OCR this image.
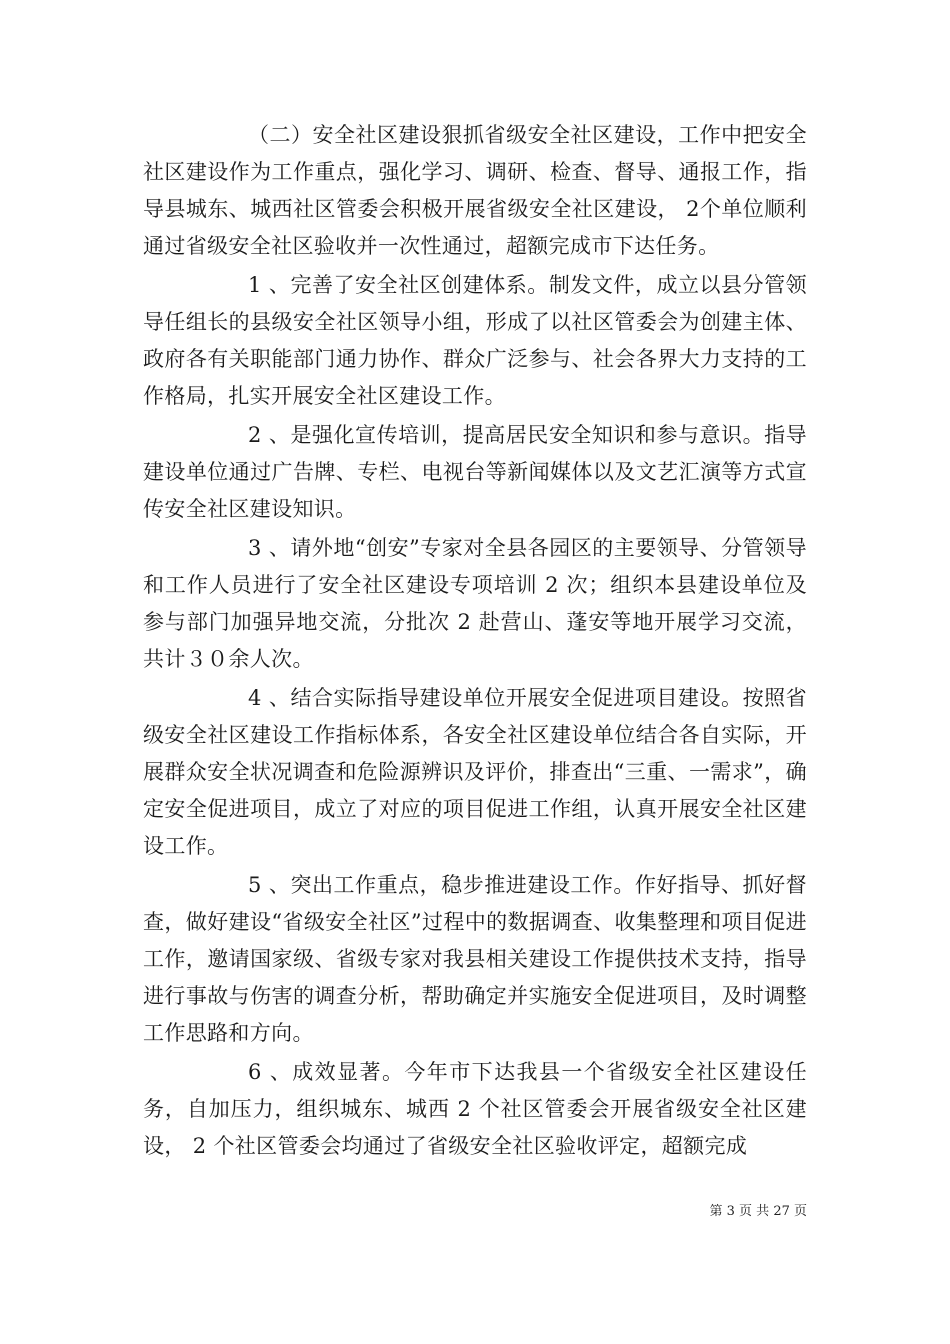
（二）安全社区建设狠抓省级安全社区建设，工作中把安全社区建设作为工作重点，强化学习、调研、检查、督导、通报工作，指导县城东、城西社区管委会积极开展省级安全社区建设， 2个单位顺利通过省级安全社区验收并一次性通过，超额完成市下达任务。

1 、完善了安全社区创建体系。制发文件，成立以县分管领导任组长的县级安全社区领导小组，形成了以社区管委会为创建主体、政府各有关职能部门通力协作、群众广泛参与、社会各界大力支持的工作格局，扎实开展安全社区建设工作。

2 、是强化宣传培训，提高居民安全知识和参与意识。指导建设单位通过广告牌、专栏、电视台等新闻媒体以及文艺汇演等方式宣传安全社区建设知识。

3 、请外地“创安”专家对全县各园区的主要领导、分管领导和工作人员进行了安全社区建设专项培训 2 次；组织本县建设单位及参与部门加强异地交流，分批次 2 赴营山、蓬安等地开展学习交流，共计３０余人次。

4 、结合实际指导建设单位开展安全促进项目建设。按照省级安全社区建设工作指标体系，各安全社区建设单位结合各自实际，开展群众安全状况调查和危险源辨识及评价，排查出“三重、一需求”，确定安全促进项目，成立了对应的项目促进工作组，认真开展安全社区建设工作。

5 、突出工作重点，稳步推进建设工作。作好指导、抓好督查，做好建设“省级安全社区”过程中的数据调查、收集整理和项目促进工作，邀请国家级、省级专家对我县相关建设工作提供技术支持，指导进行事故与伤害的调查分析，帮助确定并实施安全促进项目，及时调整工作思路和方向。

6 、成效显著。今年市下达我县一个省级安全社区建设任务，自加压力，组织城东、城西 2 个社区管委会开展省级安全社区建设， 2 个社区管委会均通过了省级安全社区验收评定，超额完成

第 3 页 共 27 页
